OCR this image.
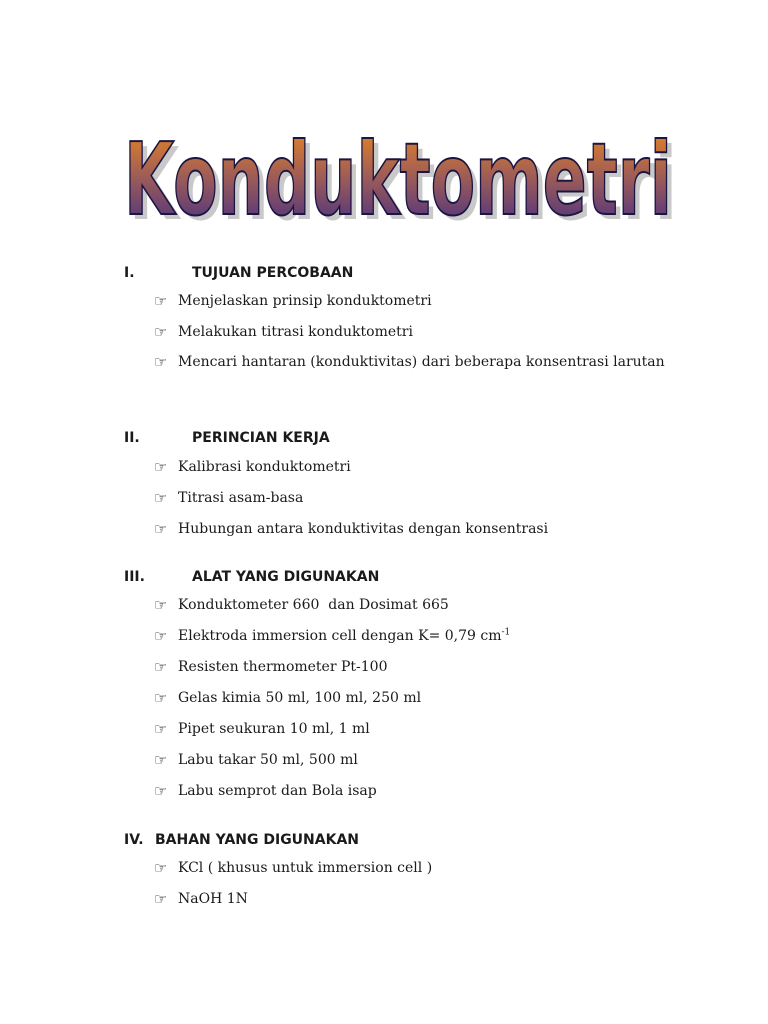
Konduktometri
Konduktometri
I.	TUJUAN PERCOBAAN
☞ Menjelaskan prinsip konduktometri
☞ Melakukan titrasi konduktometri
☞ Mencari hantaran (konduktivitas) dari beberapa konsentrasi larutan
II.	PERINCIAN KERJA
☞ Kalibrasi konduktometri
☞ Titrasi asam-basa
☞ Hubungan antara konduktivitas dengan konsentrasi
III.	ALAT YANG DIGUNAKAN
☞ Konduktometer 660  dan Dosimat 665
☞ Elektroda immersion cell dengan K= 0,79 $cm^{-1}$
☞ Resisten thermometer Pt-100
☞ Gelas kimia 50 ml, 100 ml, 250 ml
☞ Pipet seukuran 10 ml, 1 ml
☞ Labu takar 50 ml, 500 ml
☞ Labu semprot dan Bola isap
IV. BAHAN YANG DIGUNAKAN
☞ KCl ( khusus untuk immersion cell )
☞ NaOH 1N
